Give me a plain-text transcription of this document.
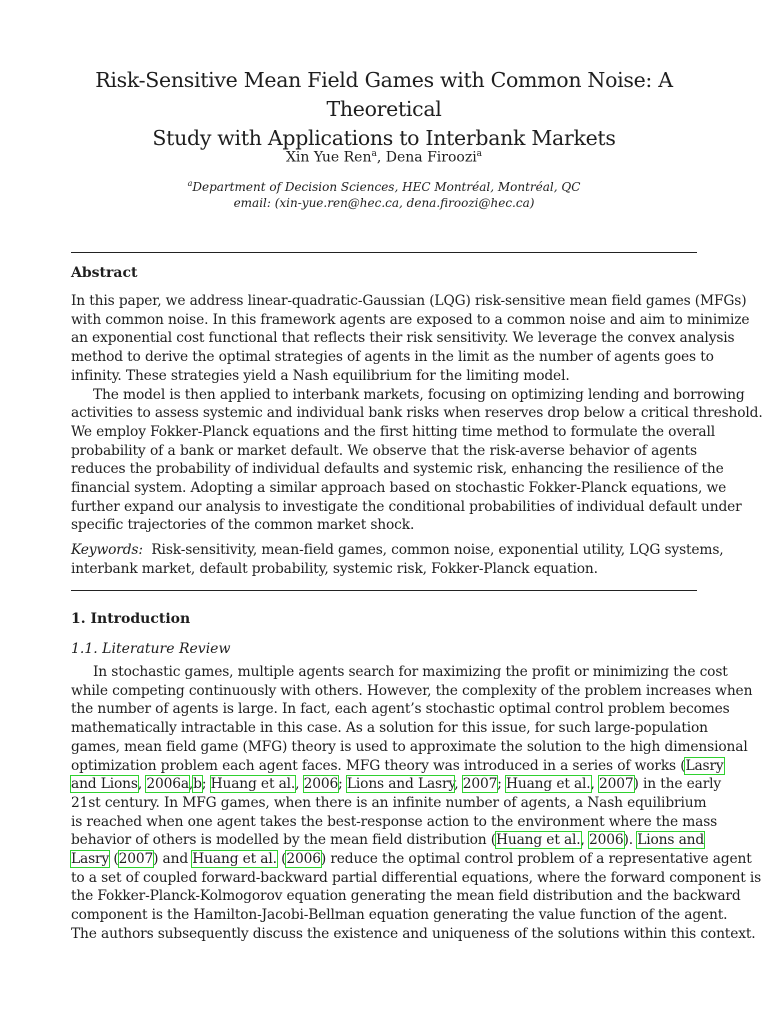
Risk-Sensitive Mean Field Games with Common Noise: A Theoretical
Study with Applications to Interbank Markets
Xin Yue Ren$^a$, Dena Firoozi$^a$
$^a$Department of Decision Sciences, HEC Montréal, Montréal, QC
email: (xin-yue.ren@hec.ca, dena.firoozi@hec.ca)
Abstract
In this paper, we address linear-quadratic-Gaussian (LQG) risk-sensitive mean field games (MFGs)
with common noise. In this framework agents are exposed to a common noise and aim to minimize
an exponential cost functional that reflects their risk sensitivity. We leverage the convex analysis
method to derive the optimal strategies of agents in the limit as the number of agents goes to
infinity. These strategies yield a Nash equilibrium for the limiting model.
The model is then applied to interbank markets, focusing on optimizing lending and borrowing
activities to assess systemic and individual bank risks when reserves drop below a critical threshold.
We employ Fokker-Planck equations and the first hitting time method to formulate the overall
probability of a bank or market default. We observe that the risk-averse behavior of agents
reduces the probability of individual defaults and systemic risk, enhancing the resilience of the
financial system. Adopting a similar approach based on stochastic Fokker-Planck equations, we
further expand our analysis to investigate the conditional probabilities of individual default under
specific trajectories of the common market shock.
Keywords: Risk-sensitivity, mean-field games, common noise, exponential utility, LQG systems,
interbank market, default probability, systemic risk, Fokker-Planck equation.
1. Introduction
1.1. Literature Review
In stochastic games, multiple agents search for maximizing the profit or minimizing the cost
while competing continuously with others. However, the complexity of the problem increases when
the number of agents is large. In fact, each agent’s stochastic optimal control problem becomes
mathematically intractable in this case. As a solution for this issue, for such large-population
games, mean field game (MFG) theory is used to approximate the solution to the high dimensional
optimization problem each agent faces. MFG theory was introduced in a series of works (Lasry
and Lions, 2006a,b; Huang et al., 2006; Lions and Lasry, 2007; Huang et al., 2007) in the early
21st century. In MFG games, when there is an infinite number of agents, a Nash equilibrium
is reached when one agent takes the best-response action to the environment where the mass
behavior of others is modelled by the mean field distribution (Huang et al., 2006). Lions and
Lasry (2007) and Huang et al. (2006) reduce the optimal control problem of a representative agent
to a set of coupled forward-backward partial differential equations, where the forward component is
the Fokker-Planck-Kolmogorov equation generating the mean field distribution and the backward
component is the Hamilton-Jacobi-Bellman equation generating the value function of the agent.
The authors subsequently discuss the existence and uniqueness of the solutions within this context.
